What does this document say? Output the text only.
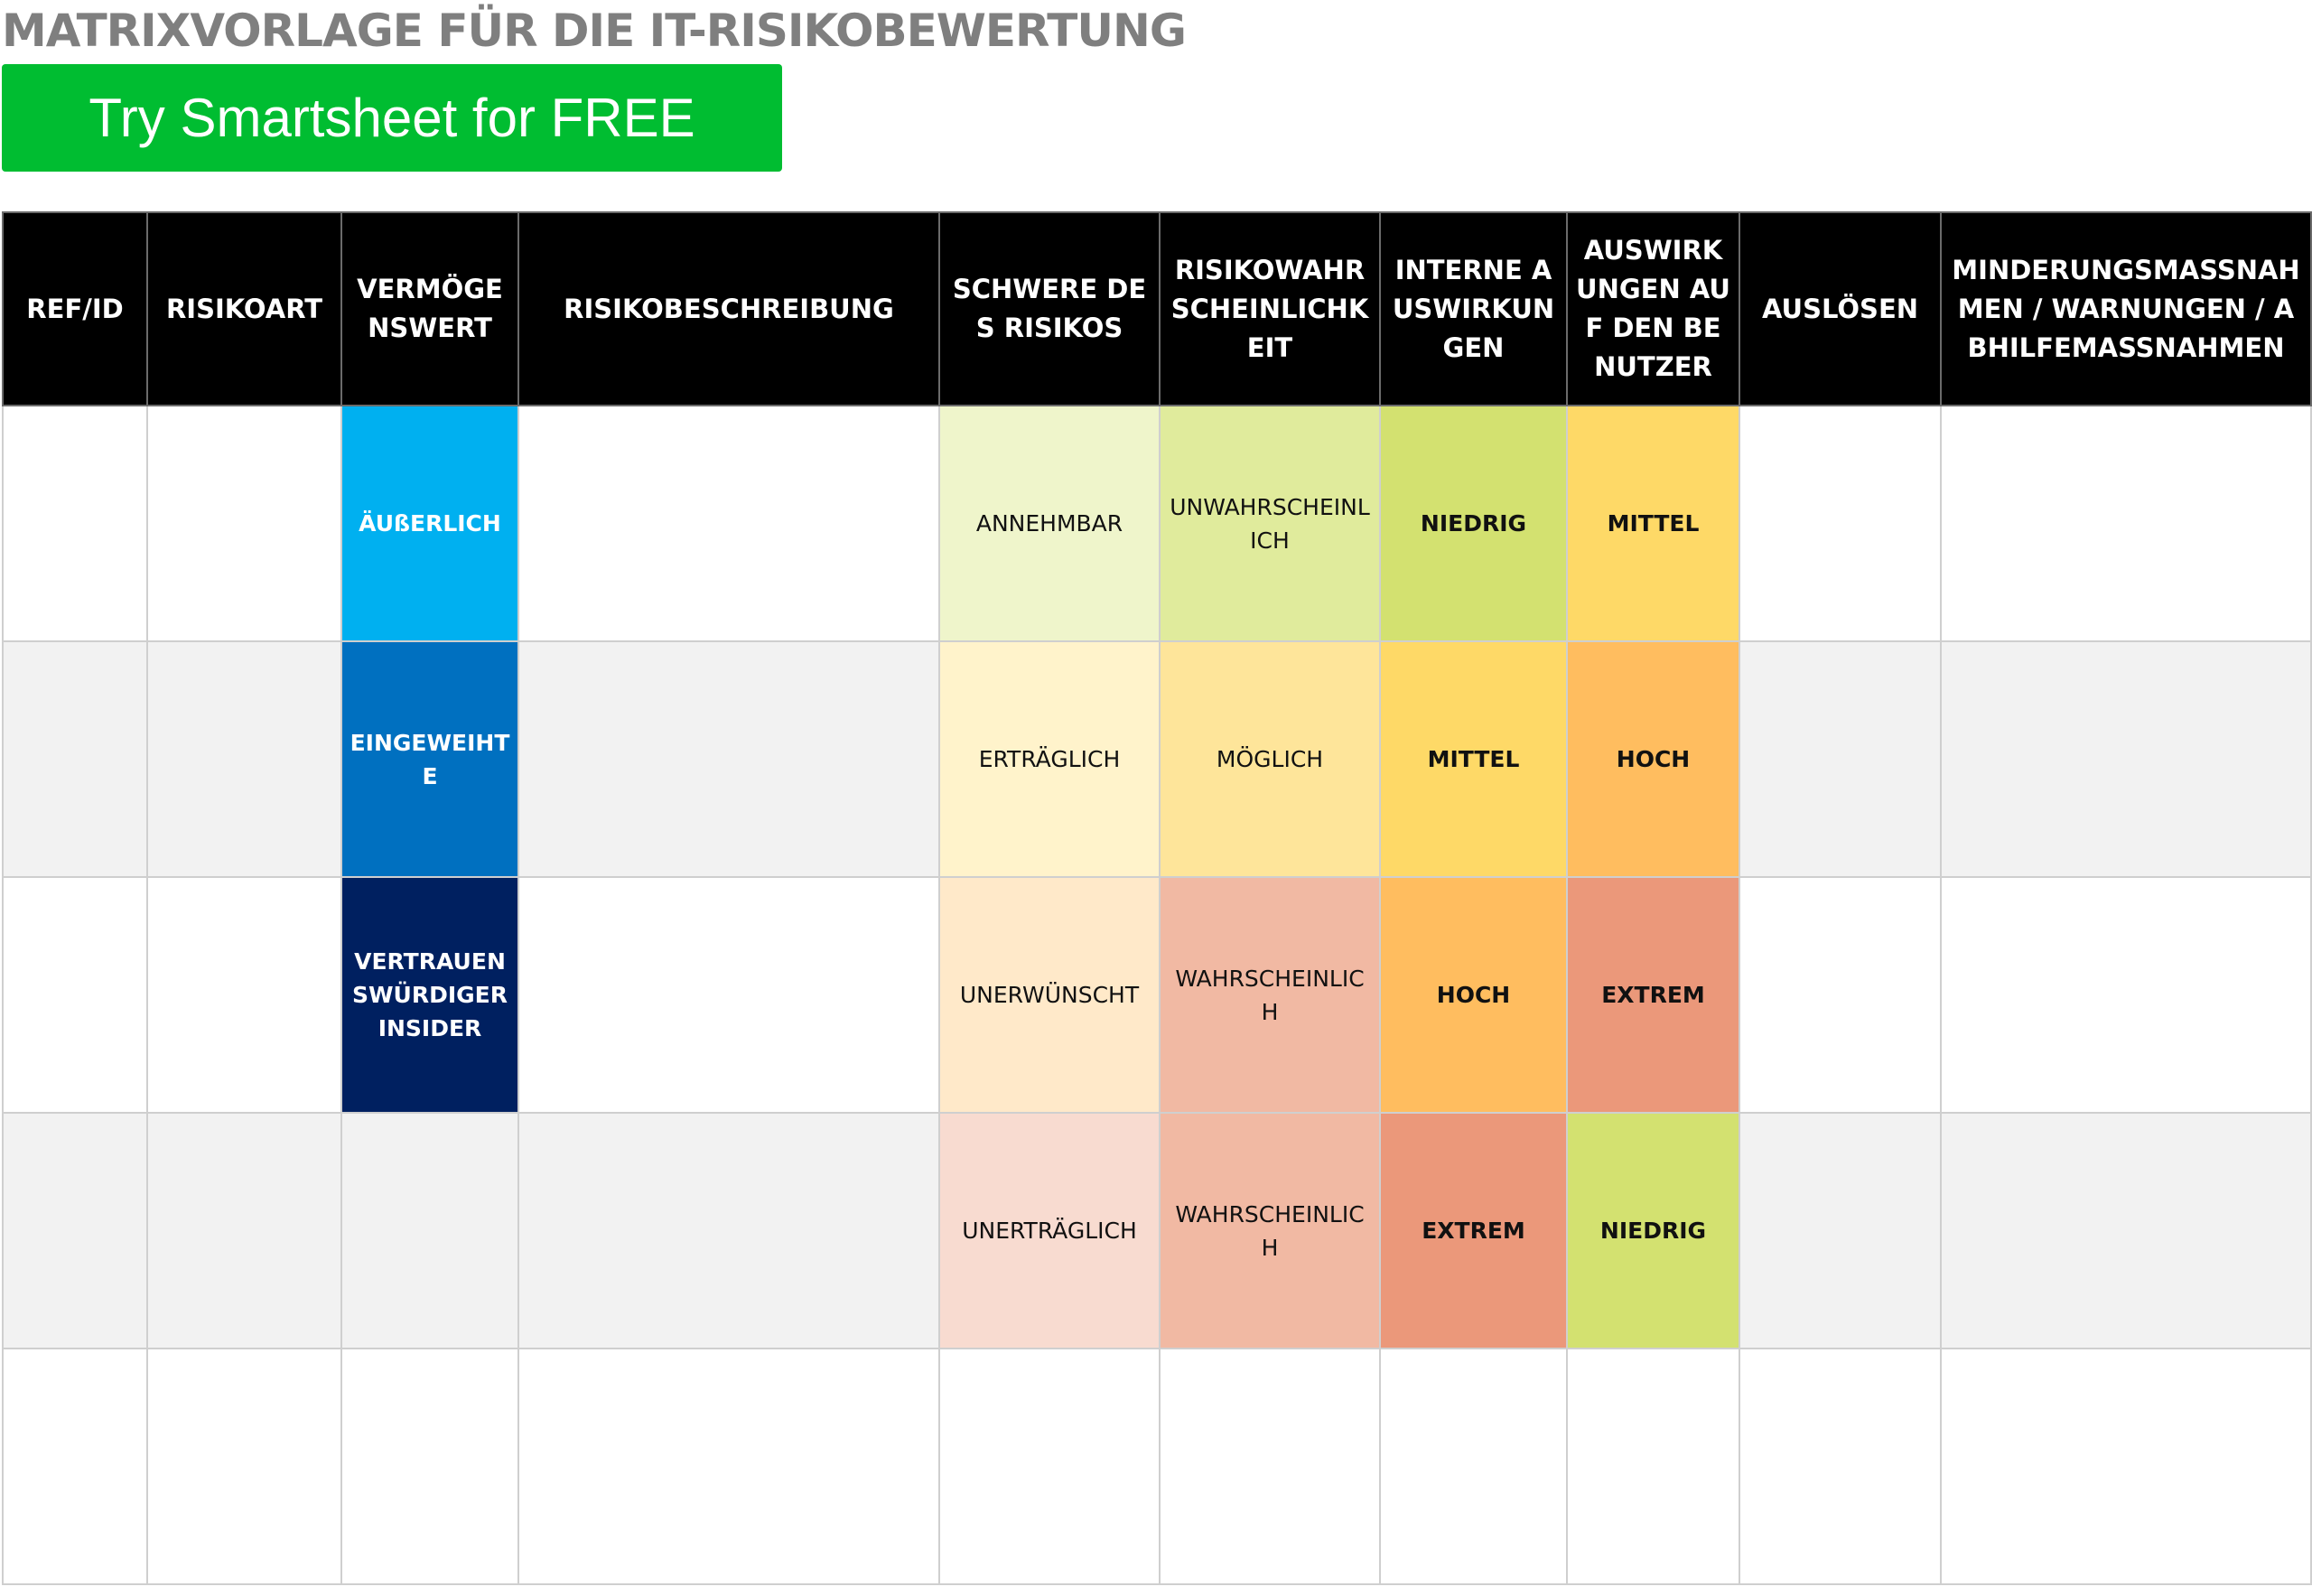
MATRIXVORLAGE FÜR DIE IT-RISIKOBEWERTUNG
Try Smartsheet for FREE
REF/ID	RISIKOART	VERMÖGENSWERT	RISIKOBESCHREIBUNG	SCHWERE DES RISIKOS	RISIKOWAHRSCHEINLICHKEIT	INTERNE AUSWIRKUNGEN	AUSWIRKUNGEN AUF DEN BENUTZER	AUSLÖSEN	MINDERUNGSMASSNAHMEN / WARNUNGEN / ABHILFEMASSNAHMEN
		ÄUßERLICH		ANNEHMBAR	UNWAHRSCHEINLICH	NIEDRIG	MITTEL		
		EINGEWEIHTE		ERTRÄGLICH	MÖGLICH	MITTEL	HOCH		
		VERTRAUENSWÜRDIGER INSIDER		UNERWÜNSCHT	WAHRSCHEINLICH	HOCH	EXTREM		
				UNERTRÄGLICH	WAHRSCHEINLICH	EXTREM	NIEDRIG		
